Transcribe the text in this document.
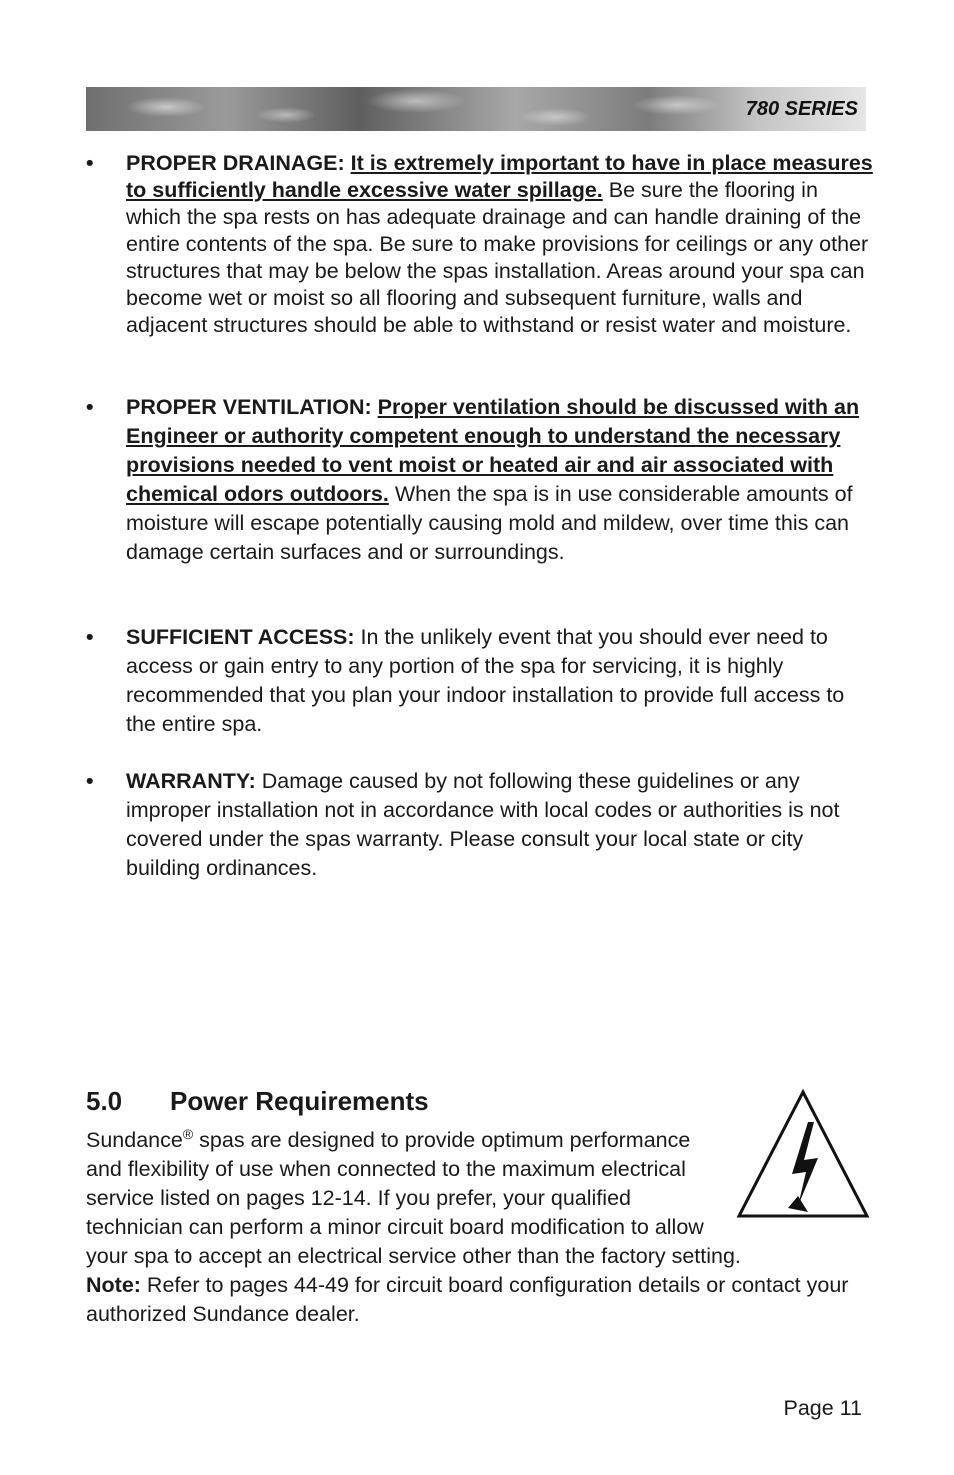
780 SERIES
• PROPER DRAINAGE: It is extremely important to have in place measures to sufficiently handle excessive water spillage. Be sure the flooring in which the spa rests on has adequate drainage and can handle draining of the entire contents of the spa. Be sure to make provisions for ceilings or any other structures that may be below the spas installation. Areas around your spa can become wet or moist so all flooring and subsequent furniture, walls and adjacent structures should be able to withstand or resist water and moisture.
• PROPER VENTILATION: Proper ventilation should be discussed with an Engineer or authority competent enough to understand the necessary provisions needed to vent moist or heated air and air associated with chemical odors outdoors. When the spa is in use considerable amounts of moisture will escape potentially causing mold and mildew, over time this can damage certain surfaces and or surroundings.
• SUFFICIENT ACCESS: In the unlikely event that you should ever need to access or gain entry to any portion of the spa for servicing, it is highly recommended that you plan your indoor installation to provide full access to the entire spa.
• WARRANTY: Damage caused by not following these guidelines or any improper installation not in accordance with local codes or authorities is not covered under the spas warranty. Please consult your local state or city building ordinances.
5.0 Power Requirements
Sundance® spas are designed to provide optimum performance and flexibility of use when connected to the maximum electrical service listed on pages 12-14. If you prefer, your qualified technician can perform a minor circuit board modification to allow your spa to accept an electrical service other than the factory setting.
Note: Refer to pages 44-49 for circuit board configuration details or contact your authorized Sundance dealer.
Page 11
